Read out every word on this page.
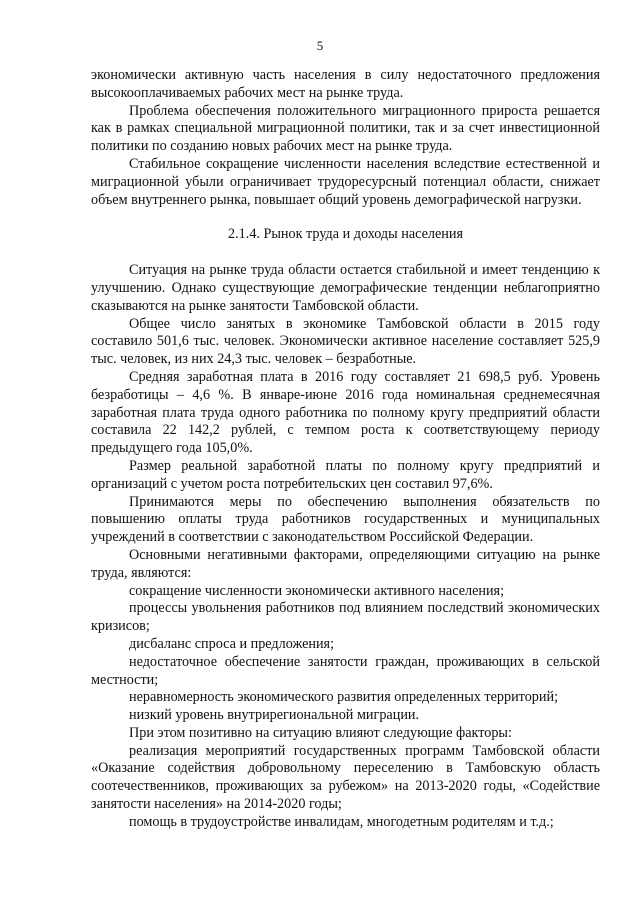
5

экономически активную часть населения в силу недостаточного предложения высокооплачиваемых рабочих мест на рынке труда.

Проблема обеспечения положительного миграционного прироста решается как в рамках специальной миграционной политики, так и за счет инвестиционной политики по созданию новых рабочих мест на рынке труда.

Стабильное сокращение численности населения вследствие естественной и миграционной убыли ограничивает трудоресурсный потенциал области, снижает объем внутреннего рынка, повышает общий уровень демографической нагрузки.

2.1.4. Рынок труда и доходы населения

Ситуация на рынке труда области остается стабильной и имеет тенденцию к улучшению. Однако существующие демографические тенденции неблагоприятно сказываются на рынке занятости Тамбовской области.

Общее число занятых в экономике Тамбовской области в 2015 году составило 501,6 тыс. человек. Экономически активное население составляет 525,9 тыс. человек, из них 24,3 тыс. человек – безработные.

Средняя заработная плата в 2016 году составляет 21 698,5 руб. Уровень безработицы – 4,6 %. В январе-июне 2016 года номинальная среднемесячная заработная плата труда одного работника по полному кругу предприятий области составила 22 142,2 рублей, с темпом роста к соответствующему периоду предыдущего года 105,0%.

Размер реальной заработной платы по полному кругу предприятий и организаций с учетом роста потребительских цен составил 97,6%.

Принимаются меры по обеспечению выполнения обязательств по повышению оплаты труда работников государственных и муниципальных учреждений в соответствии с законодательством Российской Федерации.

Основными негативными факторами, определяющими ситуацию на рынке труда, являются:

сокращение численности экономически активного населения;

процессы увольнения работников под влиянием последствий экономических кризисов;

дисбаланс спроса и предложения;

недостаточное обеспечение занятости граждан, проживающих в сельской местности;

неравномерность экономического развития определенных территорий;

низкий уровень внутрирегиональной миграции.

При этом позитивно на ситуацию влияют следующие факторы:

реализация мероприятий государственных программ Тамбовской области «Оказание содействия добровольному переселению в Тамбовскую область соотечественников, проживающих за рубежом» на 2013-2020 годы, «Содействие занятости населения» на 2014-2020 годы;

помощь в трудоустройстве инвалидам, многодетным родителям и т.д.;
